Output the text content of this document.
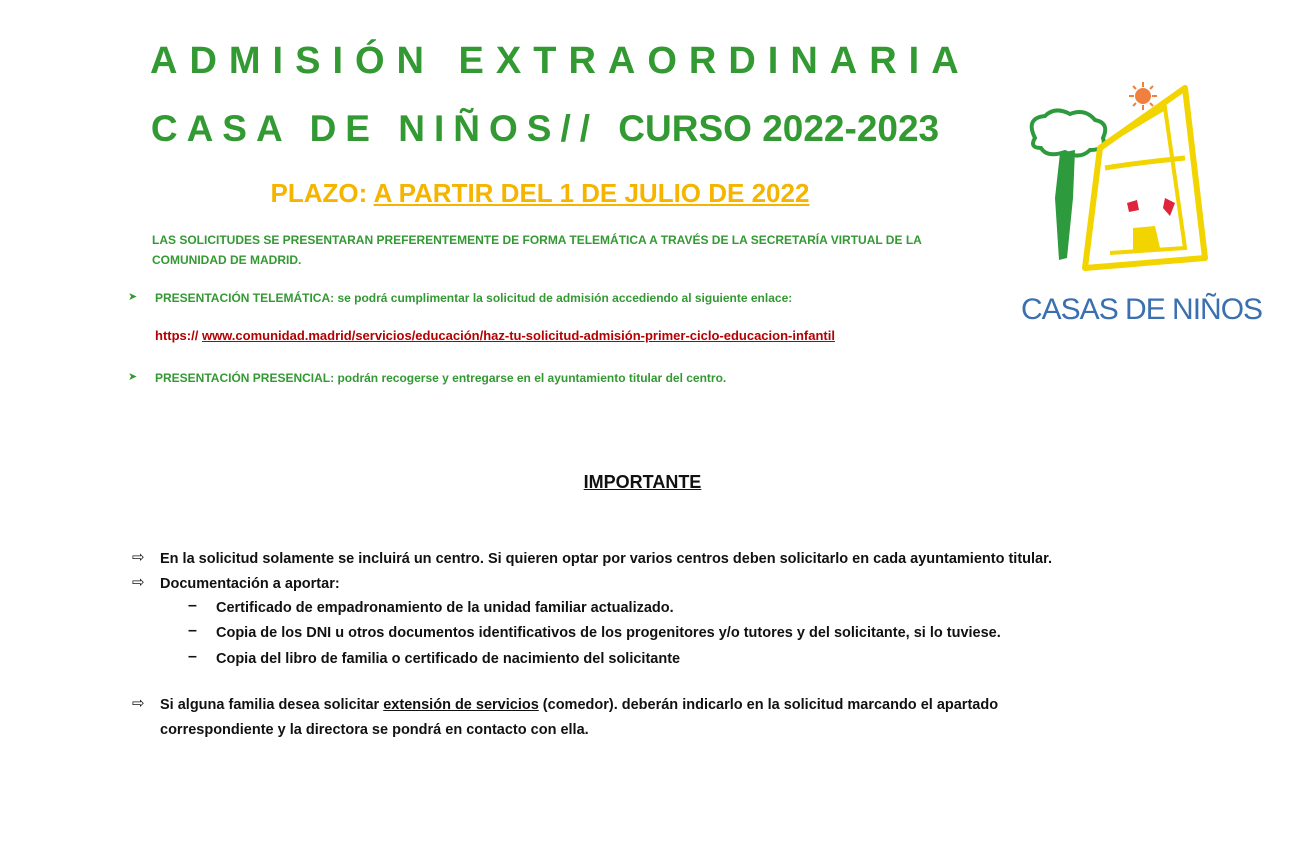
ADMISIÓN EXTRAORDINARIA
CASA DE NIÑOS// CURSO 2022-2023
PLAZO: A PARTIR DEL 1 DE JULIO DE 2022
LAS SOLICITUDES SE PRESENTARAN PREFERENTEMENTE DE FORMA TELEMÁTICA A TRAVÉS DE LA SECRETARÍA VIRTUAL DE LA COMUNIDAD DE MADRID.
➤ PRESENTACIÓN TELEMÁTICA: se podrá cumplimentar la solicitud de admisión accediendo al siguiente enlace:
https:// www.comunidad.madrid/servicios/educación/haz-tu-solicitud-admisión-primer-ciclo-educacion-infantil
➤ PRESENTACIÓN PRESENCIAL: podrán recogerse y entregarse en el ayuntamiento titular del centro.
IMPORTANTE
⇨ En la solicitud solamente se incluirá un centro. Si quieren optar por varios centros deben solicitarlo en cada ayuntamiento titular.
⇨ Documentación a aportar:
– Certificado de empadronamiento de la unidad familiar actualizado.
– Copia de los DNI u otros documentos identificativos de los progenitores y/o tutores y del solicitante, si lo tuviese.
– Copia del libro de familia o certificado de nacimiento del solicitante
⇨ Si alguna familia desea solicitar extensión de servicios (comedor). deberán indicarlo en la solicitud marcando el apartado
correspondiente y la directora se pondrá en contacto con ella.
CASAS DE NIÑOS
